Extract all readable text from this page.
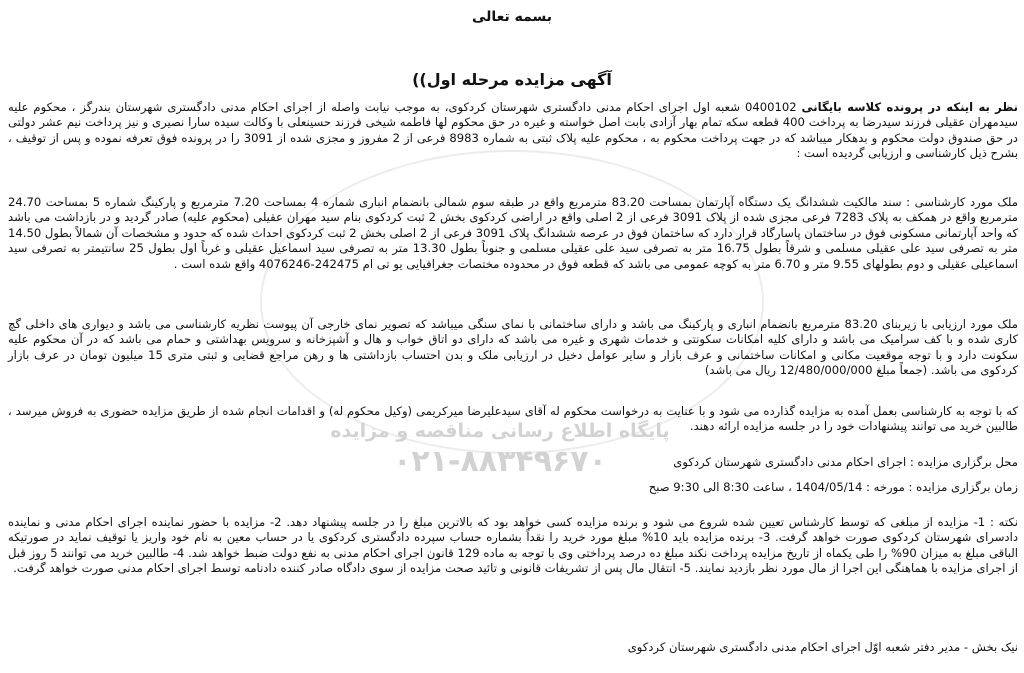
پایگاه اطلاع رسانی مناقصه و مزایده
۰۲۱-۸۸۳۴۹۶۷۰
بسمه تعالی
آگهی مزایده مرحله اول))

نظر به اینکه در پرونده کلاسه بایگانی 0400102 شعبه اول اجرای احکام مدنی دادگستری شهرستان کردکوی، به موجب نیابت واصله از اجرای احکام مدنی دادگستری شهرستان بندرگز ، محکوم علیه سیدمهران عقیلی فرزند سیدرضا به پرداخت 400 قطعه سکه تمام بهار آزادی بابت اصل خواسته و غیره در حق محکوم لها فاطمه شیخی فرزند حسینعلی با وکالت سیده سارا نصیری و نیز پرداخت نیم عشر دولتی در حق صندوق دولت محکوم و بدهکار میباشد که در جهت پرداخت محکوم به ، محکوم علیه پلاک ثبتی به شماره 8983 فرعی از 2 مفروز و مجزی شده از 3091 را در پرونده فوق تعرفه نموده و پس از توقیف ، بشرح ذیل کارشناسی و ارزیابی گردیده است :

ملک مورد کارشناسی : سند مالکیت ششدانگ یک دستگاه آپارتمان بمساحت 83.20 مترمربع واقع در طبقه سوم شمالی بانضمام انباری شماره 4 بمساحت 7.20 مترمربع و پارکینگ شماره 5 بمساحت 24.70 مترمربع واقع در همکف به پلاک 7283 فرعی مجزی شده از پلاک 3091 فرعی از 2 اصلی واقع در اراضی کردکوی بخش 2 ثبت کردکوی بنام سید مهران عقیلی (محکوم علیه) صادر گردید و در بازداشت می باشد که واحد آپارتمانی مسکونی فوق در ساختمان پاسارگاد قرار دارد که ساختمان فوق در عرصه ششدانگ پلاک 3091 فرعی از 2 اصلی بخش 2 ثبت کردکوی احداث شده که حدود و مشخصات آن شمالاً بطول 14.50 متر به تصرفی سید علی عقیلی مسلمی و شرقاً بطول 16.75 متر به تصرفی سید علی عقیلی مسلمی و جنوباً بطول 13.30 متر به تصرفی سید اسماعیل عقیلی و غرباً اول بطول 25 سانتیمتر به تصرفی سید اسماعیلی عقیلی و دوم بطولهای 9.55 متر و 6.70 متر به کوچه عمومی می باشد که قطعه فوق در محدوده مختصات جغرافیایی یو تی ام 242475-4076246 واقع شده است .

ملک مورد ارزیابی با زیربنای 83.20 مترمربع بانضمام انباری و پارکینگ می باشد و دارای ساختمانی با نمای سنگی میباشد که تصویر نمای خارجی آن پیوست نظریه کارشناسی می باشد و دیواری های داخلی گچ کاری شده و با کف سرامیک می باشد و دارای کلیه امکانات سکونتی و خدمات شهری و غیره می باشد که دارای دو اتاق خواب و هال و آشپزخانه و سرویس بهداشتی و حمام می باشد که در آن محکوم علیه سکونت دارد و با توجه موقعیت مکانی و امکانات ساختمانی و عرف بازار و سایر عوامل دخیل در ارزیابی ملک و بدن احتساب بازداشتی ها و رهن مراجع قضایی و ثبتی متری 15 میلیون تومان در عرف بازار کردکوی می باشد. (جمعاً مبلغ 12/480/000/000 ریال می باشد)

که با توجه به کارشناسی بعمل آمده به مزایده گذارده می شود و با عنایت به درخواست محکوم له آقای سیدعلیرضا میرکریمی (وکیل محکوم له) و اقدامات انجام شده از طریق مزایده حضوری به فروش میرسد ، طالبین خرید می توانند پیشنهادات خود را در جلسه مزایده ارائه دهند.

محل برگزاری مزایده : اجرای احکام مدنی دادگستری شهرستان کردکوی

زمان برگزاری مزایده : مورخه : 1404/05/14 ، ساعت 8:30 الی 9:30 صبح

نکته : 1- مزایده از مبلغی که توسط کارشناس تعیین شده شروع می شود و برنده مزایده کسی خواهد بود که بالاترین مبلغ را در جلسه پیشنهاد دهد. 2- مزایده با حضور نماینده اجرای احکام مدنی و نماینده دادسرای شهرستان کردکوی صورت خواهد گرفت. 3- برنده مزایده باید 10% مبلغ مورد خرید را نقداً بشماره حساب سپرده دادگستری کردکوی یا در حساب معین به نام خود واریز یا توقیف نماید در صورتیکه الباقی مبلغ به میزان 90% را طی یکماه از تاریخ مزایده پرداخت نکند مبلغ ده درصد پرداختی وی با توجه به ماده 129 قانون اجرای احکام مدنی به نفع دولت ضبط خواهد شد. 4- طالبین خرید می توانند 5 روز قبل از اجرای مزایده با هماهنگی این اجرا از مال مورد نظر بازدید نمایند. 5- انتقال مال پس از تشریفات قانونی و تائید صحت مزایده از سوی دادگاه صادر کننده دادنامه توسط اجرای احکام مدنی صورت خواهد گرفت.

نیک بخش - مدیر دفتر شعبه اوّل اجرای احکام مدنی دادگستری شهرستان کردکوی
